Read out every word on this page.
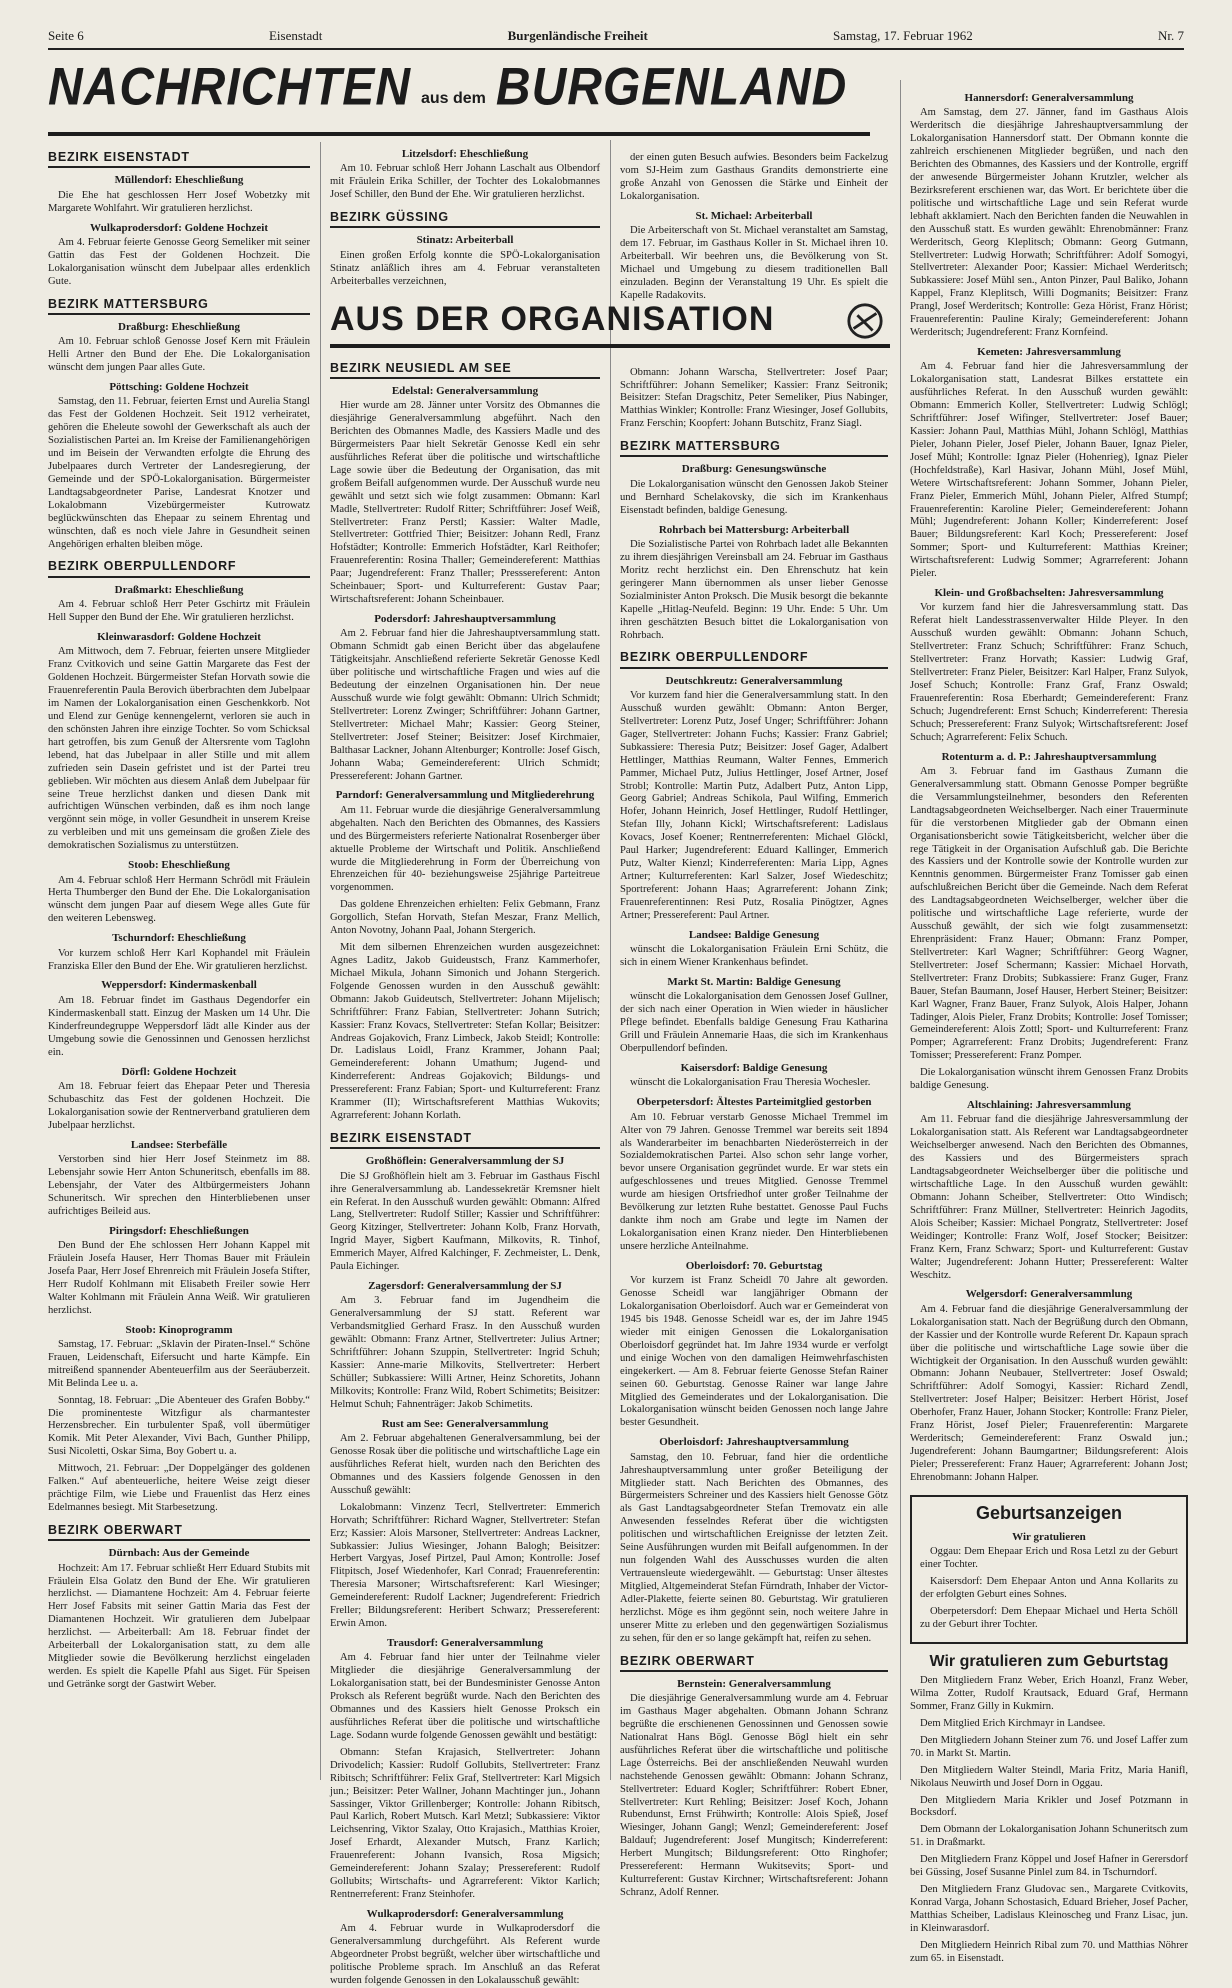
Seite 6	Eisenstadt	Burgenländische Freiheit	Samstag, 17. Februar 1962	Nr. 7
NACHRICHTEN aus dem BURGENLAND
BEZIRK EISENSTADT
Müllendorf: Eheschließung

Die Ehe hat geschlossen Herr Josef Wobetzky mit Margarete Wohlfahrt. Wir gratulieren herzlichst.

Wulkaprodersdorf: Goldene Hochzeit

Am 4. Februar feierte Genosse Georg Semeliker mit seiner Gattin das Fest der Goldenen Hochzeit. Die Lokalorganisation wünscht dem Jubelpaar alles erdenklich Gute.

BEZIRK MATTERSBURG
Draßburg: Eheschließung

Am 10. Februar schloß Genosse Josef Kern mit Fräulein Helli Artner den Bund der Ehe. Die Lokalorganisation wünscht dem jungen Paar alles Gute.

Pöttsching: Goldene Hochzeit

Samstag, den 11. Februar, feierten Ernst und Aurelia Stangl das Fest der Goldenen Hochzeit. Seit 1912 verheiratet, gehören die Eheleute sowohl der Gewerkschaft als auch der Sozialistischen Partei an. Im Kreise der Familienangehörigen und im Beisein der Verwandten erfolgte die Ehrung des Jubelpaares durch Vertreter der Landesregierung, der Gemeinde und der SPÖ-Lokalorganisation. Bürgermeister Landtagsabgeordneter Parise, Landesrat Knotzer und Lokalobmann Vizebürgermeister Kutrowatz beglückwünschten das Ehepaar zu seinem Ehrentag und wünschten, daß es noch viele Jahre in Gesundheit seinen Angehörigen erhalten bleiben möge.

BEZIRK OBERPULLENDORF
Draßmarkt: Eheschließung

Am 4. Februar schloß Herr Peter Gschirtz mit Fräulein Hell Supper den Bund der Ehe. Wir gratulieren herzlichst.

Kleinwarasdorf: Goldene Hochzeit

Am Mittwoch, dem 7. Februar, feierten unsere Mitglieder Franz Cvitkovich und seine Gattin Margarete das Fest der Goldenen Hochzeit. Bürgermeister Stefan Horvath sowie die Frauenreferentin Paula Berovich überbrachten dem Jubelpaar im Namen der Lokalorganisation einen Geschenkkorb. Not und Elend zur Genüge kennengelernt, verloren sie auch in den schönsten Jahren ihre einzige Tochter. So vom Schicksal hart getroffen, bis zum Genuß der Altersrente vom Taglohn lebend, hat das Jubelpaar in aller Stille und mit allem zufrieden sein Dasein gefristet und ist der Partei treu geblieben. Wir möchten aus diesem Anlaß dem Jubelpaar für seine Treue herzlichst danken und diesen Dank mit aufrichtigen Wünschen verbinden, daß es ihm noch lange vergönnt sein möge, in voller Gesundheit in unserem Kreise zu verbleiben und mit uns gemeinsam die großen Ziele des demokratischen Sozialismus zu unterstützen.

Stoob: Eheschließung

Am 4. Februar schloß Herr Hermann Schrödl mit Fräulein Herta Thumberger den Bund der Ehe. Die Lokalorganisation wünscht dem jungen Paar auf diesem Wege alles Gute für den weiteren Lebensweg.

Tschurndorf: Eheschließung

Vor kurzem schloß Herr Karl Kophandel mit Fräulein Franziska Eller den Bund der Ehe. Wir gratulieren herzlichst.

Weppersdorf: Kindermaskenball

Am 18. Februar findet im Gasthaus Degendorfer ein Kindermaskenball statt. Einzug der Masken um 14 Uhr. Die Kinderfreundegruppe Weppersdorf lädt alle Kinder aus der Umgebung sowie die Genossinnen und Genossen herzlichst ein.

Dörfl: Goldene Hochzeit

Am 18. Februar feiert das Ehepaar Peter und Theresia Schubaschitz das Fest der goldenen Hochzeit. Die Lokalorganisation sowie der Rentnerverband gratulieren dem Jubelpaar herzlichst.

Landsee: Sterbefälle

Verstorben sind hier Herr Josef Steinmetz im 88. Lebensjahr sowie Herr Anton Schuneritsch, ebenfalls im 88. Lebensjahr, der Vater des Altbürgermeisters Johann Schuneritsch. Wir sprechen den Hinterbliebenen unser aufrichtiges Beileid aus.

Piringsdorf: Eheschließungen

Den Bund der Ehe schlossen Herr Johann Kappel mit Fräulein Josefa Hauser, Herr Thomas Bauer mit Fräulein Josefa Paar, Herr Josef Ehrenreich mit Fräulein Josefa Stifter, Herr Rudolf Kohlmann mit Elisabeth Freiler sowie Herr Walter Kohlmann mit Fräulein Anna Weiß. Wir gratulieren herzlichst.

Stoob: Kinoprogramm

Samstag, 17. Februar: „Sklavin der Piraten-Insel.“ Schöne Frauen, Leidenschaft, Eifersucht und harte Kämpfe. Ein mitreißend spannender Abenteuerfilm aus der Seeräuberzeit. Mit Belinda Lee u. a.

Sonntag, 18. Februar: „Die Abenteuer des Grafen Bobby.“ Die prominenteste Witzfigur als charmantester Herzensbrecher. Ein turbulenter Spaß, voll übermütiger Komik. Mit Peter Alexander, Vivi Bach, Gunther Philipp, Susi Nicoletti, Oskar Sima, Boy Gobert u. a.

Mittwoch, 21. Februar: „Der Doppelgänger des goldenen Falken.“ Auf abenteuerliche, heitere Weise zeigt dieser prächtige Film, wie Liebe und Frauenlist das Herz eines Edelmannes besiegt. Mit Starbesetzung.

BEZIRK OBERWART
Dürnbach: Aus der Gemeinde

Hochzeit: Am 17. Februar schließt Herr Eduard Stubits mit Fräulein Elsa Golatz den Bund der Ehe. Wir gratulieren herzlichst. — Diamantene Hochzeit: Am 4. Februar feierte Herr Josef Fabsits mit seiner Gattin Maria das Fest der Diamantenen Hochzeit. Wir gratulieren dem Jubelpaar herzlichst. — Arbeiterball: Am 18. Februar findet der Arbeiterball der Lokalorganisation statt, zu dem alle Mitglieder sowie die Bevölkerung herzlichst eingeladen werden. Es spielt die Kapelle Pfahl aus Siget. Für Speisen und Getränke sorgt der Gastwirt Weber.

Litzelsdorf: Eheschließung

Am 10. Februar schloß Herr Johann Laschalt aus Olbendorf mit Fräulein Erika Schiller, der Tochter des Lokalobmannes Josef Schiller, den Bund der Ehe. Wir gratulieren herzlichst.

BEZIRK GÜSSING
Stinatz: Arbeiterball

Einen großen Erfolg konnte die SPÖ-Lokalorganisation Stinatz anläßlich ihres am 4. Februar veranstalteten Arbeiterballes verzeichnen,

BEZIRK NEUSIEDL AM SEE
Edelstal: Generalversammlung

Hier wurde am 28. Jänner unter Vorsitz des Obmannes die diesjährige Generalversammlung abgeführt. Nach den Berichten des Obmannes Madle, des Kassiers Madle und des Bürgermeisters Paar hielt Sekretär Genosse Kedl ein sehr ausführliches Referat über die politische und wirtschaftliche Lage sowie über die Bedeutung der Organisation, das mit großem Beifall aufgenommen wurde. Der Ausschuß wurde neu gewählt und setzt sich wie folgt zusammen: Obmann: Karl Madle, Stellvertreter: Rudolf Ritter; Schriftführer: Josef Weiß, Stellvertreter: Franz Perstl; Kassier: Walter Madle, Stellvertreter: Gottfried Thier; Beisitzer: Johann Redl, Franz Hofstädter; Kontrolle: Emmerich Hofstädter, Karl Reithofer; Frauenreferentin: Rosina Thaller; Gemeindereferent: Matthias Paar; Jugendreferent: Franz Thaller; Presssereferent: Anton Scheinbauer; Sport- und Kulturreferent: Gustav Paar; Wirtschaftsreferent: Johann Scheinbauer.

Podersdorf: Jahreshauptversammlung

Am 2. Februar fand hier die Jahreshauptversammlung statt. Obmann Schmidt gab einen Bericht über das abgelaufene Tätigkeitsjahr. Anschließend referierte Sekretär Genosse Kedl über politische und wirtschaftliche Fragen und wies auf die Bedeutung der einzelnen Organisationen hin. Der neue Ausschuß wurde wie folgt gewählt: Obmann: Ulrich Schmidt; Stellvertreter: Lorenz Zwinger; Schriftführer: Johann Gartner, Stellvertreter: Michael Mahr; Kassier: Georg Steiner, Stellvertreter: Josef Steiner; Beisitzer: Josef Kirchmaier, Balthasar Lackner, Johann Altenburger; Kontrolle: Josef Gisch, Johann Waba; Gemeindereferent: Ulrich Schmidt; Pressereferent: Johann Gartner.

Parndorf: Generalversammlung und Mitgliederehrung

Am 11. Februar wurde die diesjährige Generalversammlung abgehalten. Nach den Berichten des Obmannes, des Kassiers und des Bürgermeisters referierte Nationalrat Rosenberger über aktuelle Probleme der Wirtschaft und Politik. Anschließend wurde die Mitgliederehrung in Form der Überreichung von Ehrenzeichen für 40- beziehungsweise 25jährige Parteitreue vorgenommen.

Das goldene Ehrenzeichen erhielten: Felix Gebmann, Franz Gorgollich, Stefan Horvath, Stefan Meszar, Franz Mellich, Anton Novotny, Johann Paal, Johann Stergerich.

Mit dem silbernen Ehrenzeichen wurden ausgezeichnet: Agnes Laditz, Jakob Guideustsch, Franz Kammerhofer, Michael Mikula, Johann Simonich und Johann Stergerich. Folgende Genossen wurden in den Ausschuß gewählt: Obmann: Jakob Guideutsch, Stellvertreter: Johann Mijelisch; Schriftführer: Franz Fabian, Stellvertreter: Johann Sutrich; Kassier: Franz Kovacs, Stellvertreter: Stefan Kollar; Beisitzer: Andreas Gojakovich, Franz Limbeck, Jakob Steidl; Kontrolle: Dr. Ladislaus Loidl, Franz Krammer, Johann Paal; Gemeindereferent: Johann Umathum; Jugend- und Kinderreferent: Andreas Gojakovich; Bildungs- und Pressereferent: Franz Fabian; Sport- und Kulturreferent: Franz Krammer (II); Wirtschaftsreferent Matthias Wukovits; Agrarreferent: Johann Korlath.

BEZIRK EISENSTADT
Großhöflein: Generalversammlung der SJ

Die SJ Großhöflein hielt am 3. Februar im Gasthaus Fischl ihre Generalversammlung ab. Landessekretär Kremsner hielt ein Referat. In den Ausschuß wurden gewählt: Obmann: Alfred Lang, Stellvertreter: Rudolf Stiller; Kassier und Schriftführer: Georg Kitzinger, Stellvertreter: Johann Kolb, Franz Horvath, Ingrid Mayer, Sigbert Kaufmann, Milkovits, R. Tinhof, Emmerich Mayer, Alfred Kalchinger, F. Zechmeister, L. Denk, Paula Eichinger.

Zagersdorf: Generalversammlung der SJ

Am 3. Februar fand im Jugendheim die Generalversammlung der SJ statt. Referent war Verbandsmitglied Gerhard Frasz. In den Ausschuß wurden gewählt: Obmann: Franz Artner, Stellvertreter: Julius Artner; Schriftführer: Johann Szuppin, Stellvertreter: Ingrid Schuh; Kassier: Anne-marie Milkovits, Stellvertreter: Herbert Schüller; Subkassiere: Willi Artner, Heinz Schoretits, Johann Milkovits; Kontrolle: Franz Wild, Robert Schimetits; Beisitzer: Helmut Schuh; Fahnenträger: Jakob Schimetits.

Rust am See: Generalversammlung

Am 2. Februar abgehaltenen Generalversammlung, bei der Genosse Rosak über die politische und wirtschaftliche Lage ein ausführliches Referat hielt, wurden nach den Berichten des Obmannes und des Kassiers folgende Genossen in den Ausschuß gewählt:

Lokalobmann: Vinzenz Tecrl, Stellvertreter: Emmerich Horvath; Schriftführer: Richard Wagner, Stellvertreter: Stefan Erz; Kassier: Alois Marsoner, Stellvertreter: Andreas Lackner, Subkassier: Julius Wiesinger, Johann Balogh; Beisitzer: Herbert Vargyas, Josef Pirtzel, Paul Amon; Kontrolle: Josef Flitpitsch, Josef Wiedenhofer, Karl Conrad; Frauenreferentin: Theresia Marsoner; Wirtschaftsreferent: Karl Wiesinger; Gemeindereferent: Rudolf Lackner; Jugendreferent: Friedrich Freller; Bildungsreferent: Heribert Schwarz; Pressereferent: Erwin Amon.

Trausdorf: Generalversammlung

Am 4. Februar fand hier unter der Teilnahme vieler Mitglieder die diesjährige Generalversammlung der Lokalorganisation statt, bei der Bundesminister Genosse Anton Proksch als Referent begrüßt wurde. Nach den Berichten des Obmannes und des Kassiers hielt Genosse Proksch ein ausführliches Referat über die politische und wirtschaftliche Lage. Sodann wurde folgende Genossen gewählt und bestätigt:

Obmann: Stefan Krajasich, Stellvertreter: Johann Drivodelich; Kassier: Rudolf Gollubits, Stellvertreter: Franz Ribitsch; Schriftführer: Felix Graf, Stellvertreter: Karl Migsich jun.; Beisitzer: Peter Wallner, Johann Machtinger jun., Johann Sassinger, Viktor Grillenberger; Kontrolle: Johann Ribitsch, Paul Karlich, Robert Mutsch. Karl Metzl; Subkassiere: Viktor Leichsenring, Viktor Szalay, Otto Krajasich., Matthias Kroier, Josef Erhardt, Alexander Mutsch, Franz Karlich; Frauenreferent: Johann Ivansich, Rosa Migsich; Gemeindereferent: Johann Szalay; Pressereferent: Rudolf Gollubits; Wirtschafts- und Agrarreferent: Viktor Karlich; Rentnerreferent: Franz Steinhofer.

Wulkaprodersdorf: Generalversammlung

Am 4. Februar wurde in Wulkaprodersdorf die Generalversammlung durchgeführt. Als Referent wurde Abgeordneter Probst begrüßt, welcher über wirtschaftliche und politische Probleme sprach. Im Anschluß an das Referat wurden folgende Genossen in den Lokalausschuß gewählt:

der einen guten Besuch aufwies. Besonders beim Fackelzug vom SJ-Heim zum Gasthaus Grandits demonstrierte eine große Anzahl von Genossen die Stärke und Einheit der Lokalorganisation.

St. Michael: Arbeiterball

Die Arbeiterschaft von St. Michael veranstaltet am Samstag, dem 17. Februar, im Gasthaus Koller in St. Michael ihren 10. Arbeiterball. Wir beehren uns, die Bevölkerung von St. Michael und Umgebung zu diesem traditionellen Ball einzuladen. Beginn der Veranstaltung 19 Uhr. Es spielt die Kapelle Radakovits.

Obmann: Johann Warscha, Stellvertreter: Josef Paar; Schriftführer: Johann Semeliker; Kassier: Franz Seitronik; Beisitzer: Stefan Dragschitz, Peter Semeliker, Pius Nabinger, Matthias Winkler; Kontrolle: Franz Wiesinger, Josef Gollubits, Franz Ferschin; Koopfert: Johann Butschitz, Franz Siagl.

BEZIRK MATTERSBURG
Draßburg: Genesungswünsche

Die Lokalorganisation wünscht den Genossen Jakob Steiner und Bernhard Schelakovsky, die sich im Krankenhaus Eisenstadt befinden, baldige Genesung.

Rohrbach bei Mattersburg: Arbeiterball

Die Sozialistische Partei von Rohrbach ladet alle Bekannten zu ihrem diesjährigen Vereinsball am 24. Februar im Gasthaus Moritz recht herzlichst ein. Den Ehrenschutz hat kein geringerer Mann übernommen als unser lieber Genosse Sozialminister Anton Proksch. Die Musik besorgt die bekannte Kapelle „Hitlag-Neufeld. Beginn: 19 Uhr. Ende: 5 Uhr. Um ihren geschätzten Besuch bittet die Lokalorganisation von Rohrbach.

BEZIRK OBERPULLENDORF
Deutschkreutz: Generalversammlung

Vor kurzem fand hier die Generalversammlung statt. In den Ausschuß wurden gewählt: Obmann: Anton Berger, Stellvertreter: Lorenz Putz, Josef Unger; Schriftführer: Johann Gager, Stellvertreter: Johann Fuchs; Kassier: Franz Gabriel; Subkassiere: Theresia Putz; Beisitzer: Josef Gager, Adalbert Hettlinger, Matthias Reumann, Walter Fennes, Emmerich Pammer, Michael Putz, Julius Hettlinger, Josef Artner, Josef Strobl; Kontrolle: Martin Putz, Adalbert Putz, Anton Lipp, Georg Gabriel; Andreas Schikola, Paul Wilfing, Emmerich Hofer, Johann Heinrich, Josef Hettlinger, Rudolf Hettlinger, Stefan Illy, Johann Kickl; Wirtschaftsreferent: Ladislaus Kovacs, Josef Koener; Rentnerreferenten: Michael Glöckl, Paul Harker; Jugendreferent: Eduard Kallinger, Emmerich Putz, Walter Kienzl; Kinderreferenten: Maria Lipp, Agnes Artner; Kulturreferenten: Karl Salzer, Josef Wiedeschitz; Sportreferent: Johann Haas; Agrarreferent: Johann Zink; Frauenreferentinnen: Resi Putz, Rosalia Pinögtzer, Agnes Artner; Pressereferent: Paul Artner.

Landsee: Baldige Genesung

wünscht die Lokalorganisation Fräulein Erni Schütz, die sich in einem Wiener Krankenhaus befindet.

Markt St. Martin: Baldige Genesung

wünscht die Lokalorganisation dem Genossen Josef Gullner, der sich nach einer Operation in Wien wieder in häuslicher Pflege befindet. Ebenfalls baldige Genesung Frau Katharina Grill und Fräulein Annemarie Haas, die sich im Krankenhaus Oberpullendorf befinden.

Kaisersdorf: Baldige Genesung

wünscht die Lokalorganisation Frau Theresia Wochesler.

Oberpetersdorf: Ältestes Parteimitglied gestorben

Am 10. Februar verstarb Genosse Michael Tremmel im Alter von 79 Jahren. Genosse Tremmel war bereits seit 1894 als Wanderarbeiter im benachbarten Niederösterreich in der Sozialdemokratischen Partei. Also schon sehr lange vorher, bevor unsere Organisation gegründet wurde. Er war stets ein aufgeschlossenes und treues Mitglied. Genosse Tremmel wurde am hiesigen Ortsfriedhof unter großer Teilnahme der Bevölkerung zur letzten Ruhe bestattet. Genosse Paul Fuchs dankte ihm noch am Grabe und legte im Namen der Lokalorganisation einen Kranz nieder. Den Hinterbliebenen unsere herzliche Anteilnahme.

Oberloisdorf: 70. Geburtstag

Vor kurzem ist Franz Scheidl 70 Jahre alt geworden. Genosse Scheidl war langjähriger Obmann der Lokalorganisation Oberloisdorf. Auch war er Gemeinderat von 1945 bis 1948. Genosse Scheidl war es, der im Jahre 1945 wieder mit einigen Genossen die Lokalorganisation Oberloisdorf gegründet hat. Im Jahre 1934 wurde er verfolgt und einige Wochen von den damaligen Heimwehrfaschisten eingekerkert. — Am 8. Februar feierte Genosse Stefan Rainer seinen 60. Geburtstag. Genosse Rainer war lange Jahre Mitglied des Gemeinderates und der Lokalorganisation. Die Lokalorganisation wünscht beiden Genossen noch lange Jahre bester Gesundheit.

Oberloisdorf: Jahreshauptversammlung

Samstag, den 10. Februar, fand hier die ordentliche Jahreshauptversammlung unter großer Beteiligung der Mitglieder statt. Nach Berichten des Obmannes, des Bürgermeisters Schreiner und des Kassiers hielt Genosse Götz als Gast Landtagsabgeordneter Stefan Tremovatz ein alle Anwesenden fesselndes Referat über die wichtigsten politischen und wirtschaftlichen Ereignisse der letzten Zeit. Seine Ausführungen wurden mit Beifall aufgenommen. In der nun folgenden Wahl des Ausschusses wurden die alten Vertrauensleute wiedergewählt. — Geburtstag: Unser ältestes Mitglied, Altgemeinderat Stefan Fürndrath, Inhaber der Victor-Adler-Plakette, feierte seinen 80. Geburtstag. Wir gratulieren herzlichst. Möge es ihm gegönnt sein, noch weitere Jahre in unserer Mitte zu erleben und den gegenwärtigen Sozialismus zu sehen, für den er so lange gekämpft hat, reifen zu sehen.

BEZIRK OBERWART
Bernstein: Generalversammlung

Die diesjährige Generalversammlung wurde am 4. Februar im Gasthaus Mager abgehalten. Obmann Johann Schranz begrüßte die erschienenen Genossinnen und Genossen sowie Nationalrat Hans Bögl. Genosse Bögl hielt ein sehr ausführliches Referat über die wirtschaftliche und politische Lage Österreichs. Bei der anschließenden Neuwahl wurden nachstehende Genossen gewählt: Obmann: Johann Schranz, Stellvertreter: Eduard Kogler; Schriftführer: Robert Ebner, Stellvertreter: Kurt Rehling; Beisitzer: Josef Koch, Johann Rubendunst, Ernst Frühwirth; Kontrolle: Alois Spieß, Josef Wiesinger, Johann Gangl; Wenzl; Gemeindereferent: Josef Baldauf; Jugendreferent: Josef Mungitsch; Kinderreferent: Herbert Mungitsch; Bildungsreferent: Otto Ringhofer; Pressereferent: Hermann Wukitsevits; Sport- und Kulturreferent: Gustav Kirchner; Wirtschaftsreferent: Johann Schranz, Adolf Renner.

Hannersdorf: Generalversammlung

Am Samstag, dem 27. Jänner, fand im Gasthaus Alois Werderitsch die diesjährige Jahreshauptversammlung der Lokalorganisation Hannersdorf statt. Der Obmann konnte die zahlreich erschienenen Mitglieder begrüßen, und nach den Berichten des Obmannes, des Kassiers und der Kontrolle, ergriff der anwesende Bürgermeister Johann Krutzler, welcher als Bezirksreferent erschienen war, das Wort. Er berichtete über die politische und wirtschaftliche Lage und sein Referat wurde lebhaft akklamiert. Nach den Berichten fanden die Neuwahlen in den Ausschuß statt. Es wurden gewählt: Ehrenobmänner: Franz Werderitsch, Georg Kleplitsch; Obmann: Georg Gutmann, Stellvertreter: Ludwig Horwath; Schriftführer: Adolf Somogyi, Stellvertreter: Alexander Poor; Kassier: Michael Werderitsch; Subkassiere: Josef Mühl sen., Anton Pinzer, Paul Baliko, Johann Kappel, Franz Kleplitsch, Willi Dogmanits; Beisitzer: Franz Prangl, Josef Werderitsch; Kontrolle: Geza Hörist, Franz Hörist; Frauenreferentin: Pauline Kiraly; Gemeindereferent: Johann Werderitsch; Jugendreferent: Franz Kornfeind.

Kemeten: Jahresversammlung

Am 4. Februar fand hier die Jahresversammlung der Lokalorganisation statt, Landesrat Bilkes erstattete ein ausführliches Referat. In den Ausschuß wurden gewählt: Obmann: Emmerich Koller, Stellvertreter: Ludwig Schlögl; Schriftführer: Josef Wifinger, Stellvertreter: Josef Bauer; Kassier: Johann Paul, Matthias Mühl, Johann Schlögl, Matthias Pieler, Johann Pieler, Josef Pieler, Johann Bauer, Ignaz Pieler, Josef Mühl; Kontrolle: Ignaz Pieler (Hohenrieg), Ignaz Pieler (Hochfeldstraße), Karl Hasivar, Johann Mühl, Josef Mühl, Wetere Wirtschaftsreferent: Johann Sommer, Johann Pieler, Franz Pieler, Emmerich Mühl, Johann Pieler, Alfred Stumpf; Frauenreferentin: Karoline Pieler; Gemeindereferent: Johann Mühl; Jugendreferent: Johann Koller; Kinderreferent: Josef Bauer; Bildungsreferent: Karl Koch; Pressereferent: Josef Sommer; Sport- und Kulturreferent: Matthias Kreiner; Wirtschaftsreferent: Ludwig Sommer; Agrarreferent: Johann Pieler.

Klein- und Großbachselten: Jahresversammlung

Vor kurzem fand hier die Jahresversammlung statt. Das Referat hielt Landesstrassenverwalter Hilde Pleyer. In den Ausschuß wurden gewählt: Obmann: Johann Schuch, Stellvertreter: Franz Schuch; Schriftführer: Franz Schuch, Stellvertreter: Franz Horvath; Kassier: Ludwig Graf, Stellvertreter: Franz Pieler, Beisitzer: Karl Halper, Franz Sulyok, Josef Schuch; Kontrolle: Franz Graf, Franz Oswald; Frauenreferentin: Rosa Eberhardt; Gemeindereferent: Franz Schuch; Jugendreferent: Ernst Schuch; Kinderreferent: Theresia Schuch; Pressereferent: Franz Sulyok; Wirtschaftsreferent: Josef Schuch; Agrarreferent: Felix Schuch.

Rotenturm a. d. P.: Jahreshauptversammlung

Am 3. Februar fand im Gasthaus Zumann die Generalversammlung statt. Obmann Genosse Pomper begrüßte die Versammlungsteilnehmer, besonders den Referenten Landtagsabgeordneten Weichselberger. Nach einer Trauerminute für die verstorbenen Mitglieder gab der Obmann einen Organisationsbericht sowie Tätigkeitsbericht, welcher über die rege Tätigkeit in der Organisation Aufschluß gab. Die Berichte des Kassiers und der Kontrolle sowie der Kontrolle wurden zur Kenntnis genommen. Bürgermeister Franz Tomisser gab einen aufschlußreichen Bericht über die Gemeinde. Nach dem Referat des Landtagsabgeordneten Weichselberger, welcher über die politische und wirtschaftliche Lage referierte, wurde der Ausschuß gewählt, der sich wie folgt zusammensetzt: Ehrenpräsident: Franz Hauer; Obmann: Franz Pomper, Stellvertreter: Karl Wagner; Schriftführer: Georg Wagner, Stellvertreter: Josef Schermann; Kassier: Michael Horvath, Stellvertreter: Franz Drobits; Subkassiere: Franz Guger, Franz Bauer, Stefan Baumann, Josef Hauser, Herbert Steiner; Beisitzer: Karl Wagner, Franz Bauer, Franz Sulyok, Alois Halper, Johann Tadinger, Alois Pieler, Franz Drobits; Kontrolle: Josef Tomisser; Gemeindereferent: Alois Zottl; Sport- und Kulturreferent: Franz Pomper; Agrarreferent: Franz Drobits; Jugendreferent: Franz Tomisser; Pressereferent: Franz Pomper.

Die Lokalorganisation wünscht ihrem Genossen Franz Drobits baldige Genesung.

Altschlaining: Jahresversammlung

Am 11. Februar fand die diesjährige Jahresversammlung der Lokalorganisation statt. Als Referent war Landtagsabgeordneter Weichselberger anwesend. Nach den Berichten des Obmannes, des Kassiers und des Bürgermeisters sprach Landtagsabgeordneter Weichselberger über die politische und wirtschaftliche Lage. In den Ausschuß wurden gewählt: Obmann: Johann Scheiber, Stellvertreter: Otto Windisch; Schriftführer: Franz Müllner, Stellvertreter: Heinrich Jagodits, Alois Scheiber; Kassier: Michael Pongratz, Stellvertreter: Josef Weidinger; Kontrolle: Franz Wolf, Josef Stocker; Beisitzer: Franz Kern, Franz Schwarz; Sport- und Kulturreferent: Gustav Walter; Jugendreferent: Johann Hutter; Pressereferent: Walter Weschitz.

Welgersdorf: Generalversammlung

Am 4. Februar fand die diesjährige Generalversammlung der Lokalorganisation statt. Nach der Begrüßung durch den Obmann, der Kassier und der Kontrolle wurde Referent Dr. Kapaun sprach über die politische und wirtschaftliche Lage sowie über die Wichtigkeit der Organisation. In den Ausschuß wurden gewählt: Obmann: Johann Neubauer, Stellvertreter: Josef Oswald; Schriftführer: Adolf Somogyi, Kassier: Richard Zendl, Stellvertreter: Josef Halper; Beisitzer: Herbert Hörist, Josef Oberhofer, Franz Hauer, Johann Stocker; Kontrolle: Franz Pieler, Franz Hörist, Josef Pieler; Frauenreferentin: Margarete Werderitsch; Gemeindereferent: Franz Oswald jun.; Jugendreferent: Johann Baumgartner; Bildungsreferent: Alois Pieler; Pressereferent: Franz Hauer; Agrarreferent: Johann Jost; Ehrenobmann: Johann Halper.

Geburtsanzeigen
Wir gratulieren

Oggau: Dem Ehepaar Erich und Rosa Letzl zu der Geburt einer Tochter.

Kaisersdorf: Dem Ehepaar Anton und Anna Kollarits zu der erfolgten Geburt eines Sohnes.

Oberpetersdorf: Dem Ehepaar Michael und Herta Schöll zu der Geburt ihrer Tochter.

Wir gratulieren zum Geburtstag

Den Mitgliedern Franz Weber, Erich Hoanzl, Franz Weber, Wilma Zotter, Rudolf Krautsack, Eduard Graf, Hermann Sommer, Franz Gilly in Kukmirn.

Dem Mitglied Erich Kirchmayr in Landsee.

Den Mitgliedern Johann Steiner zum 76. und Josef Laffer zum 70. in Markt St. Martin.

Den Mitgliedern Walter Steindl, Maria Fritz, Maria Hanifl, Nikolaus Neuwirth und Josef Dorn in Oggau.

Den Mitgliedern Maria Krikler und Josef Potzmann in Bocksdorf.

Dem Obmann der Lokalorganisation Johann Schuneritsch zum 51. in Draßmarkt.

Den Mitgliedern Franz Köppel und Josef Hafner in Gerersdorf bei Güssing, Josef Susanne Pinlel zum 84. in Tschurndorf.

Den Mitgliedern Franz Gludovac sen., Margarete Cvitkovits, Konrad Varga, Johann Schostasich, Eduard Brieher, Josef Pacher, Matthias Scheiber, Ladislaus Kleinoscheg und Franz Lisac, jun. in Kleinwarasdorf.

Den Mitgliedern Heinrich Ribal zum 70. und Matthias Nöhrer zum 65. in Eisenstadt.

AUS DER ORGANISATION
